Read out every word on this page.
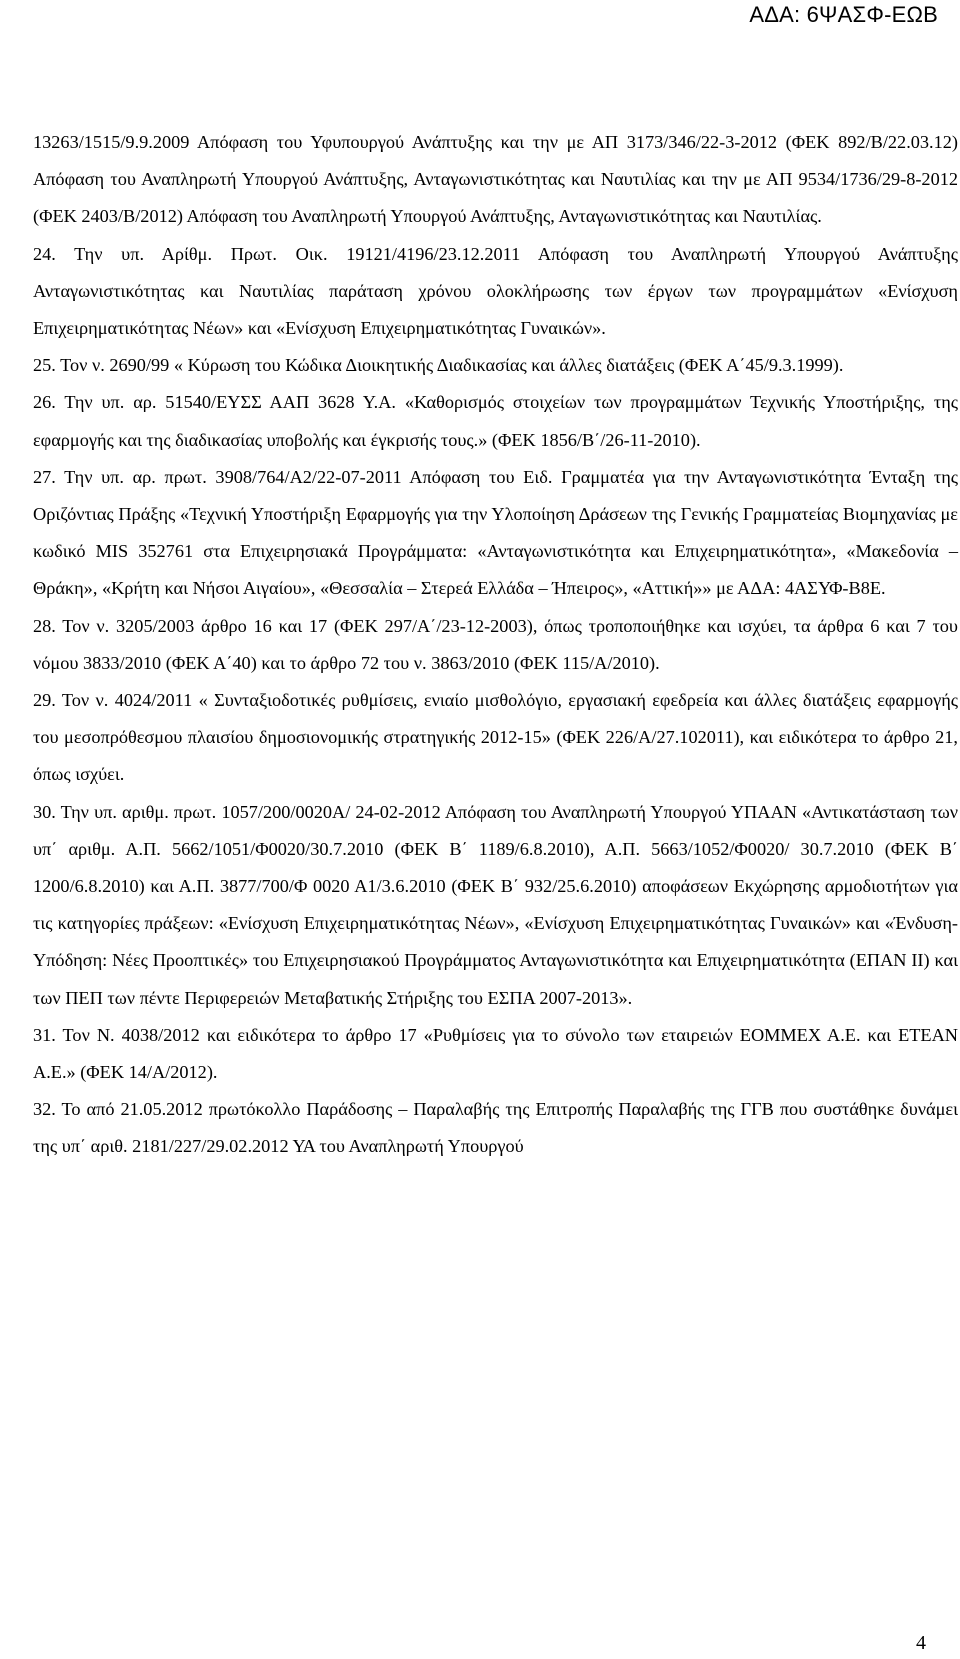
ΑΔΑ: 6ΨΑΣΦ-ΕΩΒ

13263/1515/9.9.2009 Απόφαση του Υφυπουργού Ανάπτυξης και την με ΑΠ 3173/346/22-3-2012 (ΦΕΚ 892/Β/22.03.12) Απόφαση του Αναπληρωτή Υπουργού Ανάπτυξης, Ανταγωνιστικότητας και Ναυτιλίας και την με ΑΠ 9534/1736/29-8-2012 (ΦΕΚ 2403/Β/2012) Απόφαση του Αναπληρωτή Υπουργού Ανάπτυξης, Ανταγωνιστικότητας και Ναυτιλίας.

24. Την υπ. Αρίθμ. Πρωτ. Οικ. 19121/4196/23.12.2011 Απόφαση του Αναπληρωτή Υπουργού Ανάπτυξης Ανταγωνιστικότητας και Ναυτιλίας παράταση χρόνου ολοκλήρωσης των έργων των προγραμμάτων «Ενίσχυση Επιχειρηματικότητας Νέων» και «Ενίσχυση Επιχειρηματικότητας Γυναικών».

25. Τον ν. 2690/99 « Κύρωση του Κώδικα Διοικητικής Διαδικασίας και άλλες διατάξεις (ΦΕΚ Α΄45/9.3.1999).

26. Την υπ. αρ. 51540/ΕΥΣΣ ΑΑΠ 3628 Υ.Α. «Καθορισμός στοιχείων των προγραμμάτων Τεχνικής Υποστήριξης, της εφαρμογής και της διαδικασίας υποβολής και έγκρισής τους.» (ΦΕΚ 1856/Β΄/26-11-2010).

27. Την υπ. αρ. πρωτ. 3908/764/Α2/22-07-2011 Απόφαση του Ειδ. Γραμματέα για την Ανταγωνιστικότητα Ένταξη της Οριζόντιας Πράξης «Τεχνική Υποστήριξη Εφαρμογής για την Υλοποίηση Δράσεων της Γενικής Γραμματείας Βιομηχανίας με κωδικό MIS 352761 στα Επιχειρησιακά Προγράμματα: «Ανταγωνιστικότητα και Επιχειρηματικότητα», «Μακεδονία – Θράκη», «Κρήτη και Νήσοι Αιγαίου», «Θεσσαλία – Στερεά Ελλάδα – Ήπειρος», «Αττική»» με ΑΔΑ: 4ΑΣΥΦ-Β8Ε.

28. Τον ν. 3205/2003 άρθρο 16 και 17 (ΦΕΚ 297/Α΄/23-12-2003), όπως τροποποιήθηκε και ισχύει, τα άρθρα 6 και 7 του νόμου 3833/2010 (ΦΕΚ Α΄40) και το άρθρο 72 του ν. 3863/2010 (ΦΕΚ 115/Α/2010).

29. Τον ν. 4024/2011 « Συνταξιοδοτικές ρυθμίσεις, ενιαίο μισθολόγιο, εργασιακή εφεδρεία και άλλες διατάξεις εφαρμογής του μεσοπρόθεσμου πλαισίου δημοσιονομικής στρατηγικής 2012-15» (ΦΕΚ 226/Α/27.102011), και ειδικότερα το άρθρο 21, όπως ισχύει.

30. Την υπ. αριθμ. πρωτ. 1057/200/0020Α/ 24-02-2012 Απόφαση του Αναπληρωτή Υπουργού ΥΠΑΑΝ «Αντικατάσταση των υπ΄ αριθμ. Α.Π. 5662/1051/Φ0020/30.7.2010 (ΦΕΚ Β΄ 1189/6.8.2010), Α.Π. 5663/1052/Φ0020/ 30.7.2010 (ΦΕΚ Β΄ 1200/6.8.2010) και Α.Π. 3877/700/Φ 0020 Α1/3.6.2010 (ΦΕΚ Β΄ 932/25.6.2010) αποφάσεων Εκχώρησης αρμοδιοτήτων για τις κατηγορίες πράξεων: «Ενίσχυση Επιχειρηματικότητας Νέων», «Ενίσχυση Επιχειρηματικότητας Γυναικών» και «Ένδυση-Υπόδηση: Νέες Προοπτικές» του Επιχειρησιακού Προγράμματος Ανταγωνιστικότητα και Επιχειρηματικότητα (ΕΠΑΝ ΙΙ) και των ΠΕΠ των πέντε Περιφερειών Μεταβατικής Στήριξης του ΕΣΠΑ 2007-2013».

31. Τον Ν. 4038/2012 και ειδικότερα το άρθρο 17 «Ρυθμίσεις για το σύνολο των εταιρειών ΕΟΜΜΕΧ Α.Ε. και ΕΤΕΑΝ Α.Ε.» (ΦΕΚ 14/Α/2012).

32. Το από 21.05.2012 πρωτόκολλο Παράδοσης – Παραλαβής της Επιτροπής Παραλαβής της ΓΓΒ που συστάθηκε δυνάμει της υπ΄ αριθ. 2181/227/29.02.2012 ΥΑ του Αναπληρωτή Υπουργού

4
